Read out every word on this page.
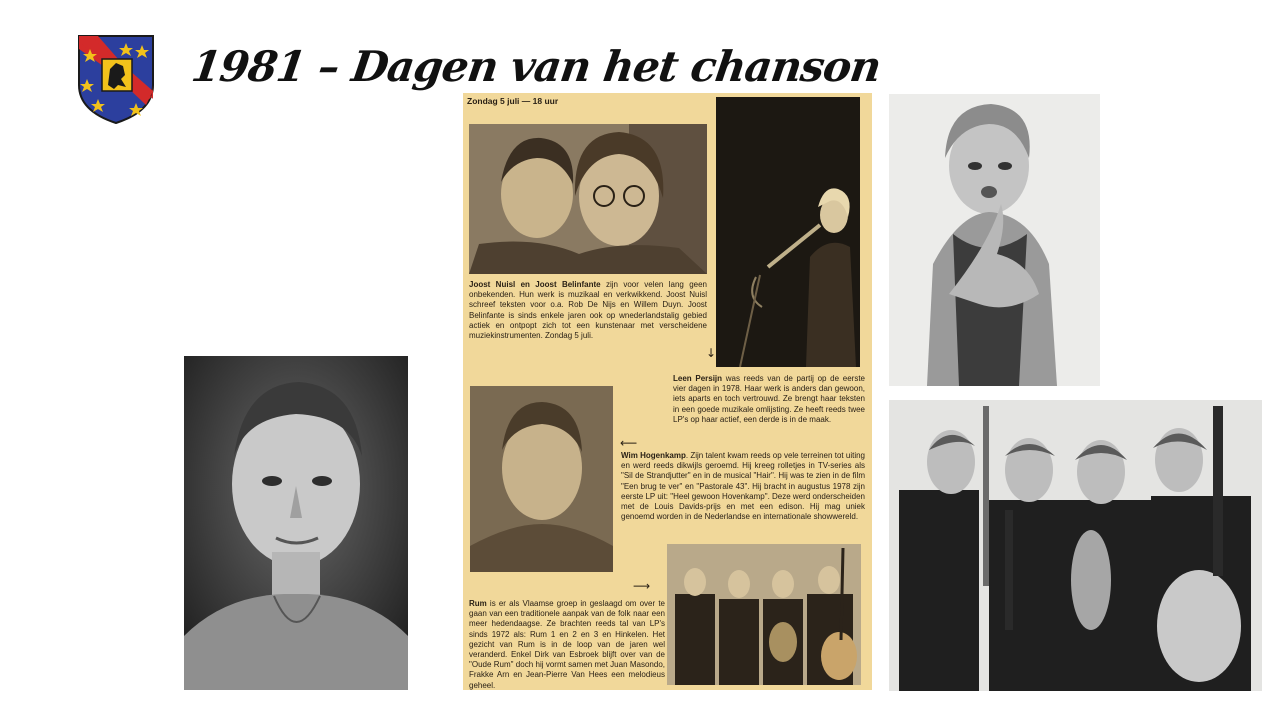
1981 – Dagen van het chanson
Zondag 5 juli — 18 uur
Joost Nuisl en Joost Belinfante zijn voor velen lang geen onbekenden. Hun werk is muzikaal en verkwikkend. Joost Nuisl schreef teksten voor o.a. Rob De Nijs en Willem Duyn. Joost Belinfante is sinds enkele jaren ook op wnederlandstalig gebied actiek en ontpopt zich tot een kunstenaar met verscheidene muziekinstrumenten. Zondag 5 juli.
↓
Leen Persijn was reeds van de partij op de eerste vier dagen in 1978. Haar werk is anders dan gewoon, iets aparts en toch vertrouwd. Ze brengt haar teksten in een goede muzikale omlijsting. Ze heeft reeds twee LP's op haar actief, een derde is in de maak.
⟵
Wim Hogenkamp. Zijn talent kwam reeds op vele terreinen tot uiting en werd reeds dikwijls geroemd. Hij kreeg rolletjes in TV-series als "Sil de Strandjutter" en in de musical "Hair". Hij was te zien in de film "Een brug te ver" en "Pastorale 43". Hij bracht in augustus 1978 zijn eerste LP uit: "Heel gewoon Hovenkamp". Deze werd onderscheiden met de Louis Davids-prijs en met een edison. Hij mag uniek genoemd worden in de Nederlandse en internationale showwereld.
⟶
Rum is er als Vlaamse groep in geslaagd om over te gaan van een traditionele aanpak van de folk naar een meer hedendaagse. Ze brachten reeds tal van LP's sinds 1972 als: Rum 1 en 2 en 3 en Hinkelen. Het gezicht van Rum is in de loop van de jaren wel veranderd. Enkel Dirk van Esbroek blijft over van de "Oude Rum" doch hij vormt samen met Juan Masondo, Frakke Arn en Jean-Pierre Van Hees een melodieus geheel.
